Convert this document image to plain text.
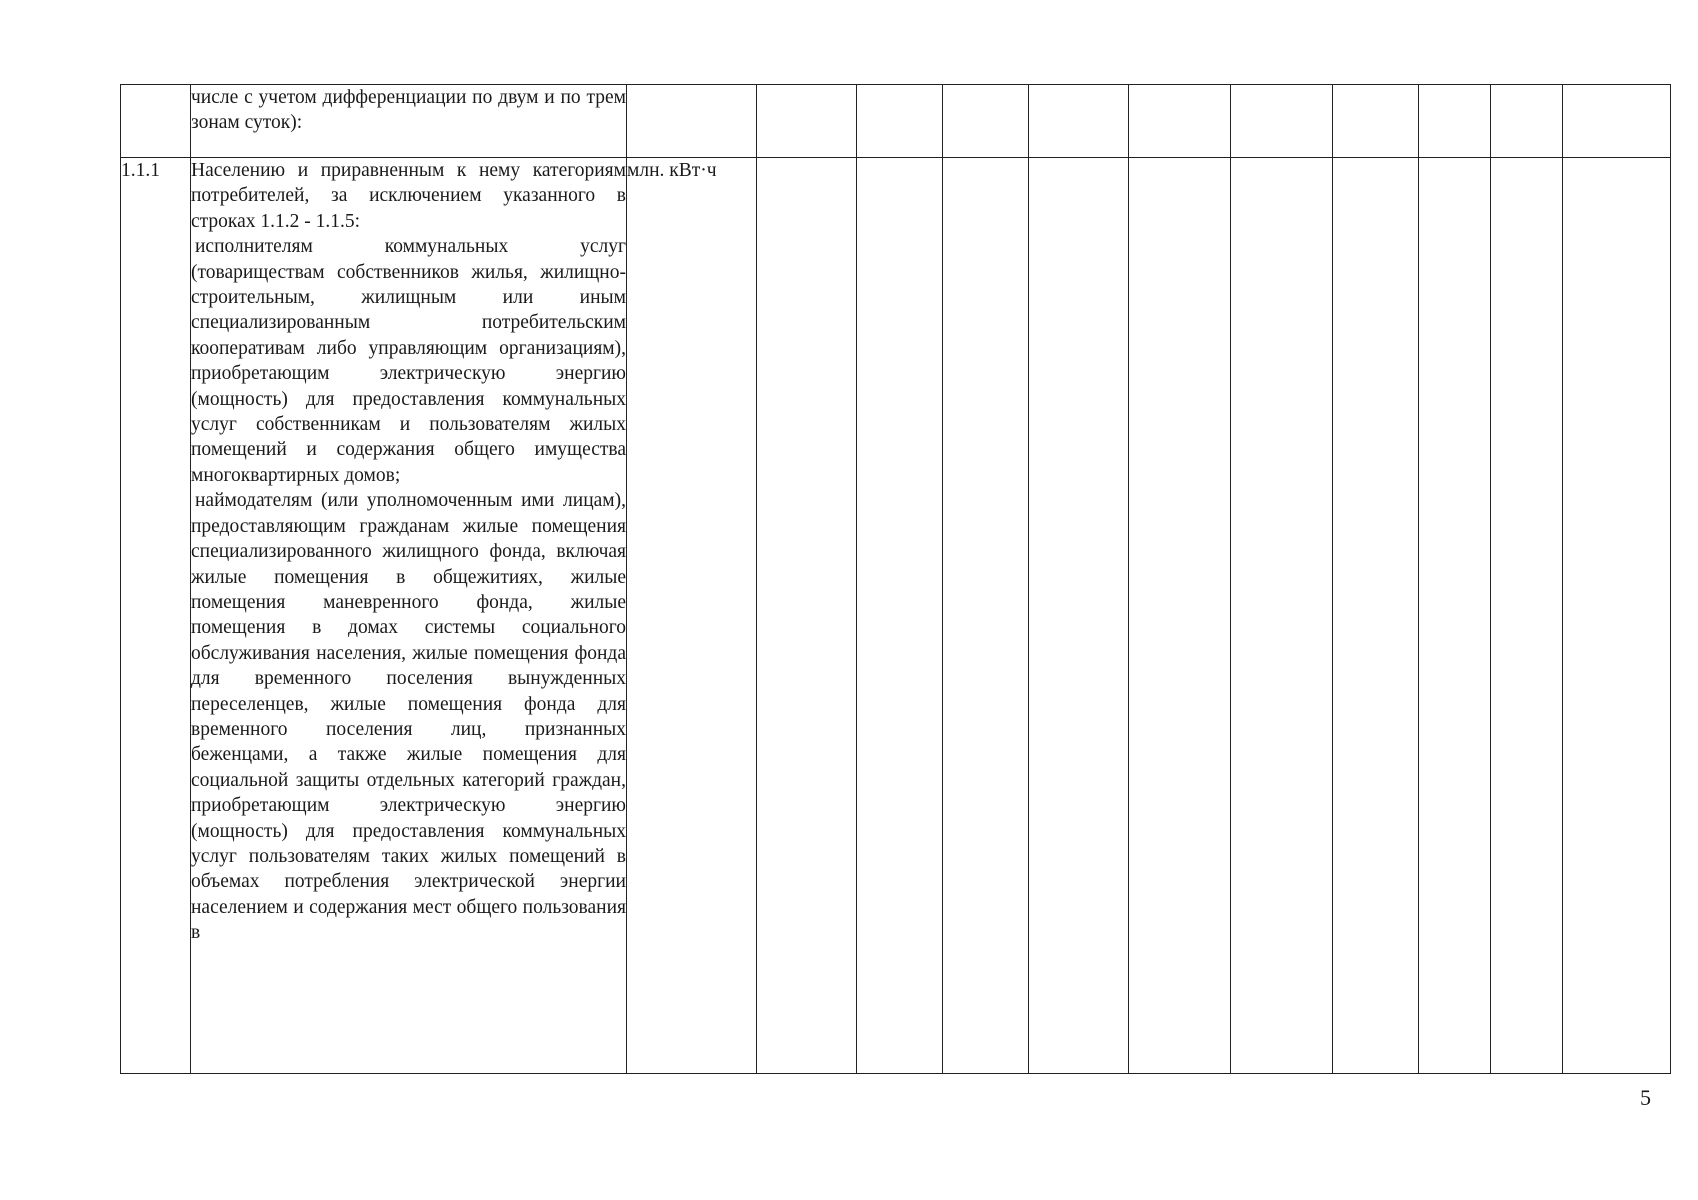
	числе с учетом дифференциации по двум и по трем зонам суток):											

1.1.1	Населению и приравненным к нему категориям потребителей, за исключением указанного в строках 1.1.2 - 1.1.5:

исполнителям коммунальных услуг (товариществам собственников жилья, жилищно-строительным, жилищным или иным специализированным потребительским кооперативам либо управляющим организациям), приобретающим электрическую энергию (мощность) для предоставления коммунальных услуг собственникам и пользователям жилых помещений и содержания общего имущества многоквартирных домов;

наймодателям (или уполномоченным ими лицам), предоставляющим гражданам жилые помещения специализированного жилищного фонда, включая жилые помещения в общежитиях, жилые помещения маневренного фонда, жилые помещения в домах системы социального обслуживания населения, жилые помещения фонда для временного поселения вынужденных переселенцев, жилые помещения фонда для временного поселения лиц, признанных беженцами, а также жилые помещения для социальной защиты отдельных категорий граждан, приобретающим электрическую энергию (мощность) для предоставления коммунальных услуг пользователям таких жилых помещений в объемах потребления электрической энергии населением и содержания мест общего пользования в	млн. кВт·ч										
5
